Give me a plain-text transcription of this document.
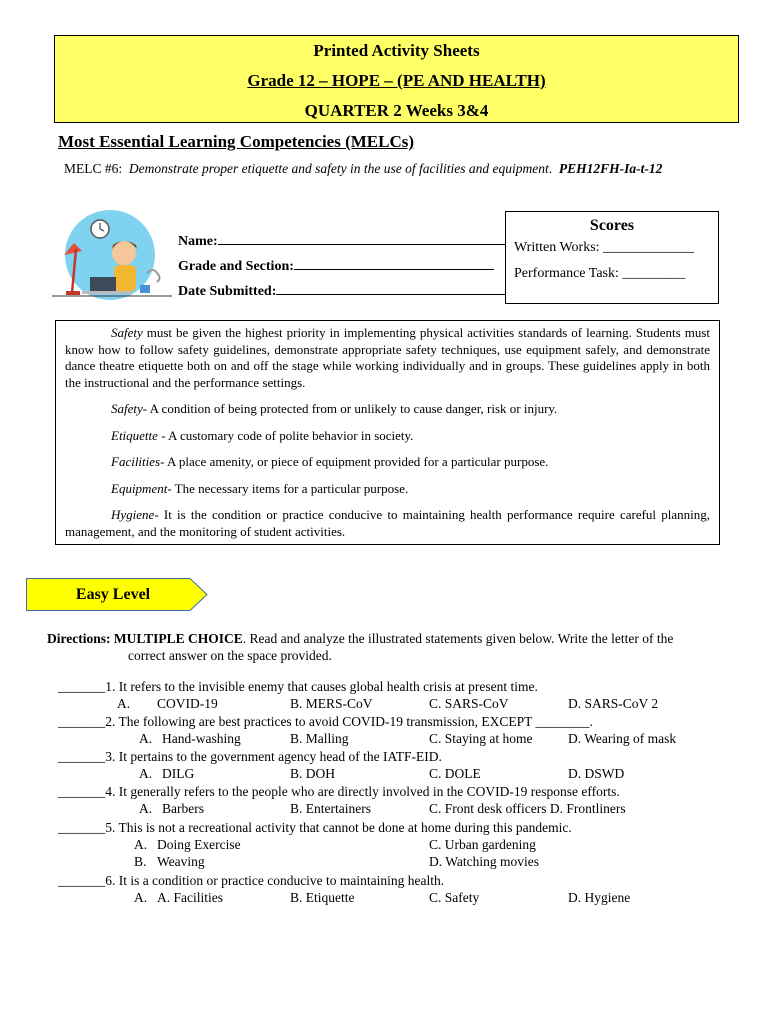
Printed Activity Sheets
Grade 12 – HOPE – (PE AND HEALTH)
QUARTER 2 Weeks 3&4
Most Essential Learning Competencies (MELCs)
MELC #6: Demonstrate proper etiquette and safety in the use of facilities and equipment.  PEH12FH-Ia-t-12
Name:
Grade and Section:
Date Submitted:
Scores
Written Works: _____________
Performance Task: _________

Safety must be given the highest priority in implementing physical activities standards of learning. Students must know how to follow safety guidelines, demonstrate appropriate safety techniques, use equipment safely, and demonstrate dance theatre etiquette both on and off the stage while working individually and in groups. These guidelines apply in both the instructional and the performance settings.

Safety- A condition of being protected from or unlikely to cause danger, risk or injury.

Etiquette - A customary code of polite behavior in society.

Facilities- A place amenity, or piece of equipment provided for a particular purpose.

Equipment- The necessary items for a particular purpose.

Hygiene- It is the condition or practice conducive to maintaining health performance require careful planning, management, and the monitoring of student activities.

Easy Level
Directions: MULTIPLE CHOICE. Read and analyze the illustrated statements given below. Write the letter of the
correct answer on the space provided.
_______1. It refers to the invisible enemy that causes global health crisis at present time.
A. COVID-19	B. MERS-CoV	C. SARS-CoV	D. SARS-CoV 2
_______2. The following are best practices to avoid COVID-19 transmission, EXCEPT ________.
A. Hand-washing	B. Malling	C. Staying at home	D. Wearing of mask
_______3. It pertains to the government agency head of the IATF-EID.
A. DILG	B. DOH	C. DOLE	D. DSWD
_______4. It generally refers to the people who are directly involved in the COVID-19 response efforts.
A. Barbers	B. Entertainers	C. Front desk officers D. Frontliners
_______5. This is not a recreational activity that cannot be done at home during this pandemic.
A. Doing Exercise	C. Urban gardening
B. Weaving	D. Watching movies
_______6. It is a condition or practice conducive to maintaining health.
A. A. Facilities	B. Etiquette	C. Safety	D. Hygiene
